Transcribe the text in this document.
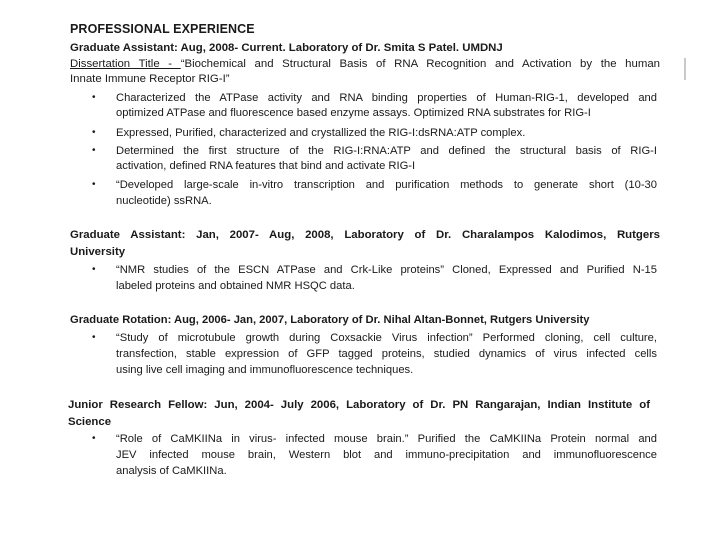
PROFESSIONAL EXPERIENCE
Graduate Assistant: Aug, 2008- Current. Laboratory of Dr. Smita S Patel. UMDNJ
Dissertation Title - “Biochemical and Structural Basis of RNA Recognition and Activation by the human
Innate Immune Receptor RIG-I”
• Characterized the ATPase activity and RNA binding properties of Human-RIG-1, developed and
optimized ATPase and fluorescence based enzyme assays. Optimized RNA substrates for RIG-I
• Expressed, Purified, characterized and crystallized the RIG-I:dsRNA:ATP complex.
• Determined the first structure of the RIG-I:RNA:ATP and defined the structural basis of RIG-I
activation, defined RNA features that bind and activate RIG-I
• “Developed large-scale in-vitro transcription and purification methods to generate short (10-30
nucleotide) ssRNA.
Graduate Assistant: Jan, 2007- Aug, 2008, Laboratory of Dr. Charalampos Kalodimos, Rutgers
University
• “NMR studies of the ESCN ATPase and Crk-Like proteins” Cloned, Expressed and Purified N-15
labeled proteins and obtained NMR HSQC data.
Graduate Rotation: Aug, 2006- Jan, 2007, Laboratory of Dr. Nihal Altan-Bonnet, Rutgers University
• “Study of microtubule growth during Coxsackie Virus infection” Performed cloning, cell culture,
transfection, stable expression of GFP tagged proteins, studied dynamics of virus infected cells
using live cell imaging and immunofluorescence techniques.
Junior Research Fellow: Jun, 2004- July 2006, Laboratory of Dr. PN Rangarajan, Indian Institute of
Science
• “Role of CaMKIINa in virus- infected mouse brain.” Purified the CaMKIINa Protein normal and
JEV infected mouse brain, Western blot and immuno-precipitation and immunofluorescence
analysis of CaMKIINa.
